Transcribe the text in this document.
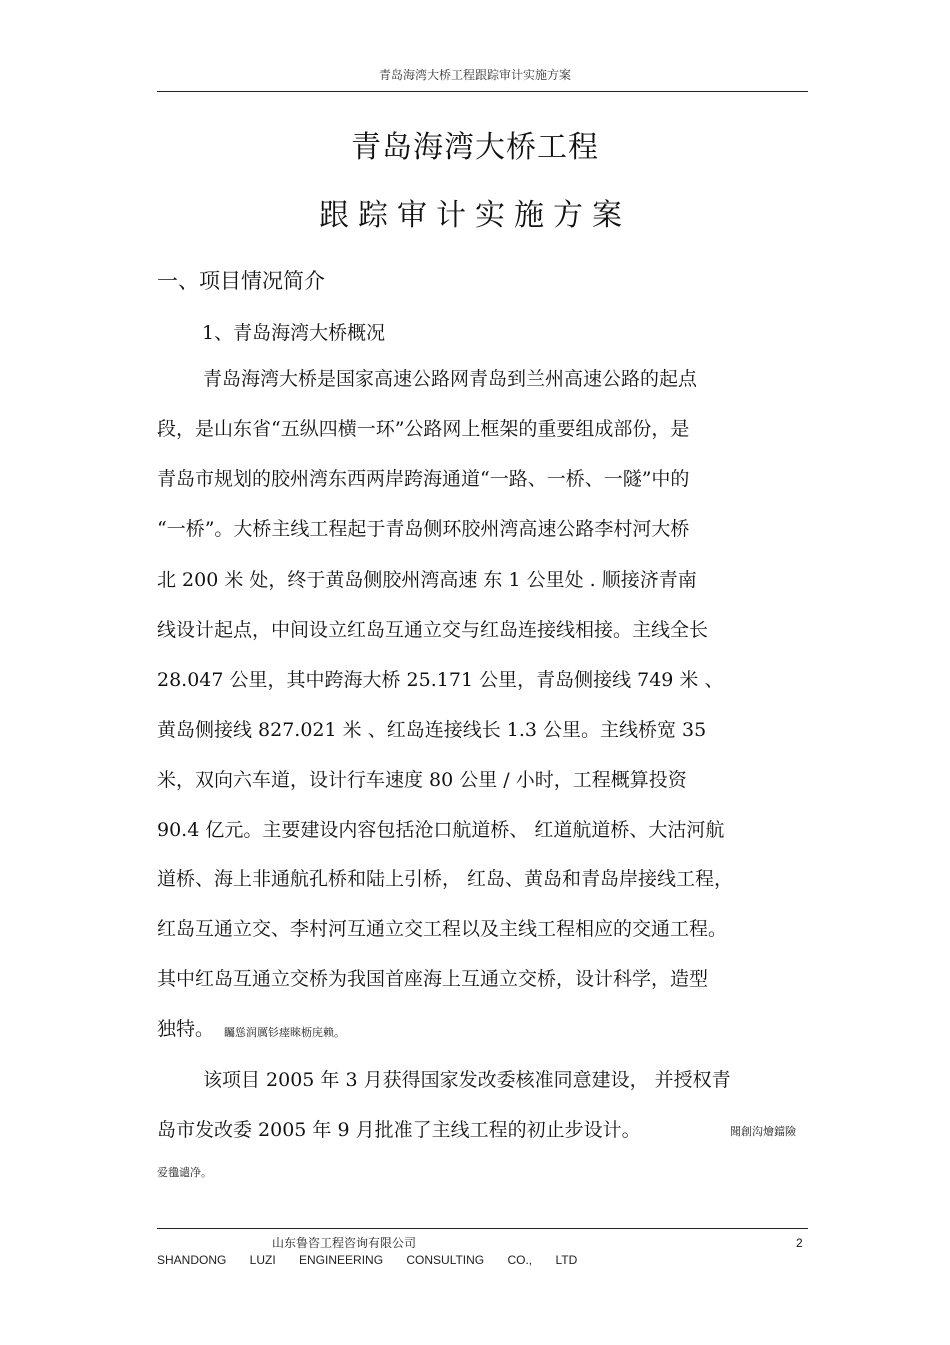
青岛海湾大桥工程跟踪审计实施方案
青岛海湾大桥工程
跟踪审计实施方案
一、项目情况简介
1、青岛海湾大桥概况
青岛海湾大桥是国家高速公路网青岛到兰州高速公路的起点
段，是山东省“五纵四横一环”公路网上框架的重要组成部份，是
青岛市规划的胶州湾东西两岸跨海通道“一路、一桥、一隧”中的
“一桥”。大桥主线工程起于青岛侧环胶州湾高速公路李村河大桥
北 200 米 处，终于黄岛侧胶州湾高速 东 1 公里处 . 顺接济青南
线设计起点，中间设立红岛互通立交与红岛连接线相接。主线全长
28.047 公里，其中跨海大桥 25.171 公里，青岛侧接线 749 米 、
黄岛侧接线 827.021 米 、红岛连接线长 1.3 公里。主线桥宽 35
米，双向六车道，设计行车速度 80 公里 / 小时，工程概算投资
90.4 亿元。主要建设内容包括沧口航道桥、 红道航道桥、大沽河航
道桥、海上非通航孔桥和陆上引桥， 红岛、黄岛和青岛岸接线工程，
红岛互通立交、李村河互通立交工程以及主线工程相应的交通工程。
其中红岛互通立交桥为我国首座海上互通立交桥，设计科学，造型
独特。 矚慫润厲钐瘗睞枥庑赖。
该项目 2005 年 3 月获得国家发改委核准同意建设， 并授权青
岛市发改委 2005 年 9 月批准了主线工程的初止步设计。	聞創沟燴鐺險
爱氇谴净。
山东鲁咨工程咨询有限公司	2
SHANDONG LUZI ENGINEERING CONSULTING CO., LTD
